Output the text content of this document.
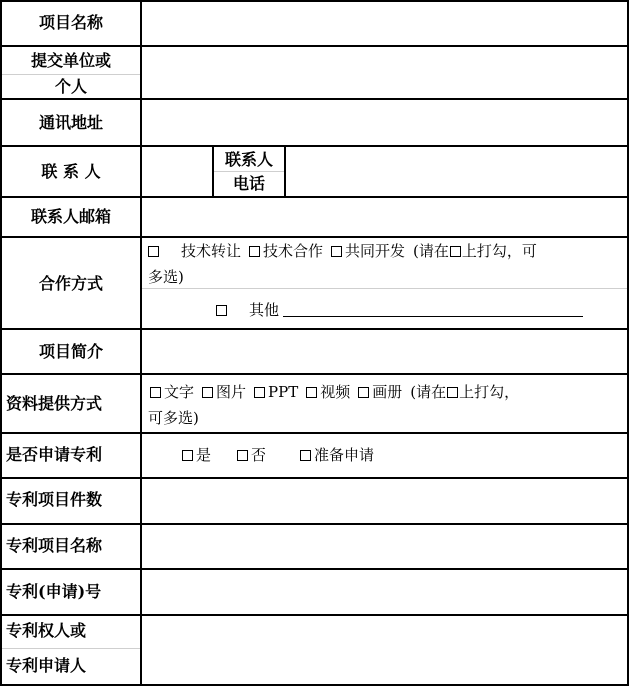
项目名称
提交单位或
个人
通讯地址
联 系 人
联系人
电话
联系人邮箱
合作方式
项目简介
资料提供方式
是否申请专利
专利项目件数
专利项目名称
专利(申请)号
专利权人或
专利申请人
技术转让 技术合作 共同开发 (请在 上打勾，可
多选)
其他
文字 图片 PPT 视频 画册 (请在 上打勾，
可多选)
是	否	准备申请
